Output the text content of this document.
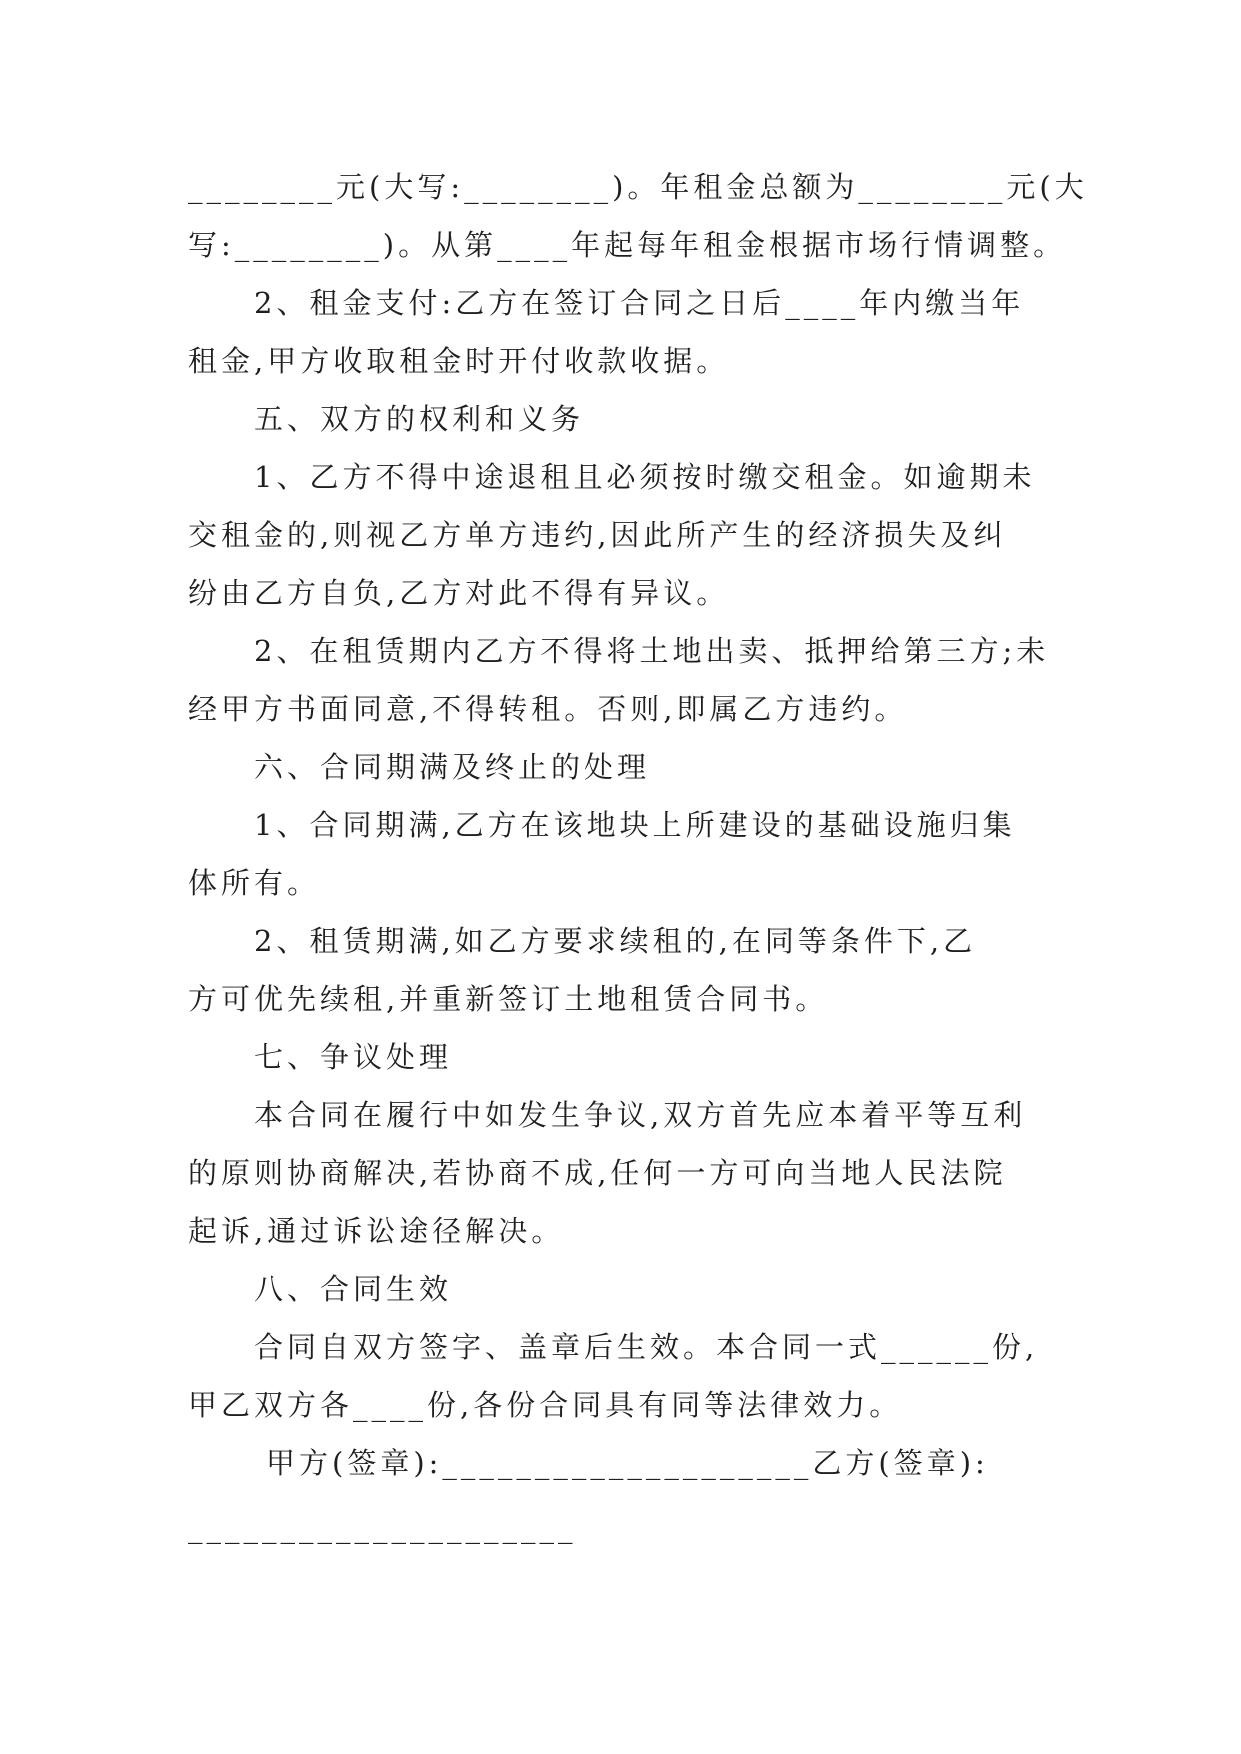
________元(大写:________)。年租金总额为________元(大
写:________)。从第____年起每年租金根据市场行情调整。
2、租金支付:乙方在签订合同之日后____年内缴当年
租金,甲方收取租金时开付收款收据。
五、双方的权利和义务
1、乙方不得中途退租且必须按时缴交租金。如逾期未
交租金的,则视乙方单方违约,因此所产生的经济损失及纠
纷由乙方自负,乙方对此不得有异议。
2、在租赁期内乙方不得将土地出卖、抵押给第三方;未
经甲方书面同意,不得转租。否则,即属乙方违约。
六、合同期满及终止的处理
1、合同期满,乙方在该地块上所建设的基础设施归集
体所有。
2、租赁期满,如乙方要求续租的,在同等条件下,乙
方可优先续租,并重新签订土地租赁合同书。
七、争议处理
本合同在履行中如发生争议,双方首先应本着平等互利
的原则协商解决,若协商不成,任何一方可向当地人民法院
起诉,通过诉讼途径解决。
八、合同生效
合同自双方签字、盖章后生效。本合同一式______份,
甲乙双方各____份,各份合同具有同等法律效力。
甲方(签章):____________________乙方(签章):
_____________________
